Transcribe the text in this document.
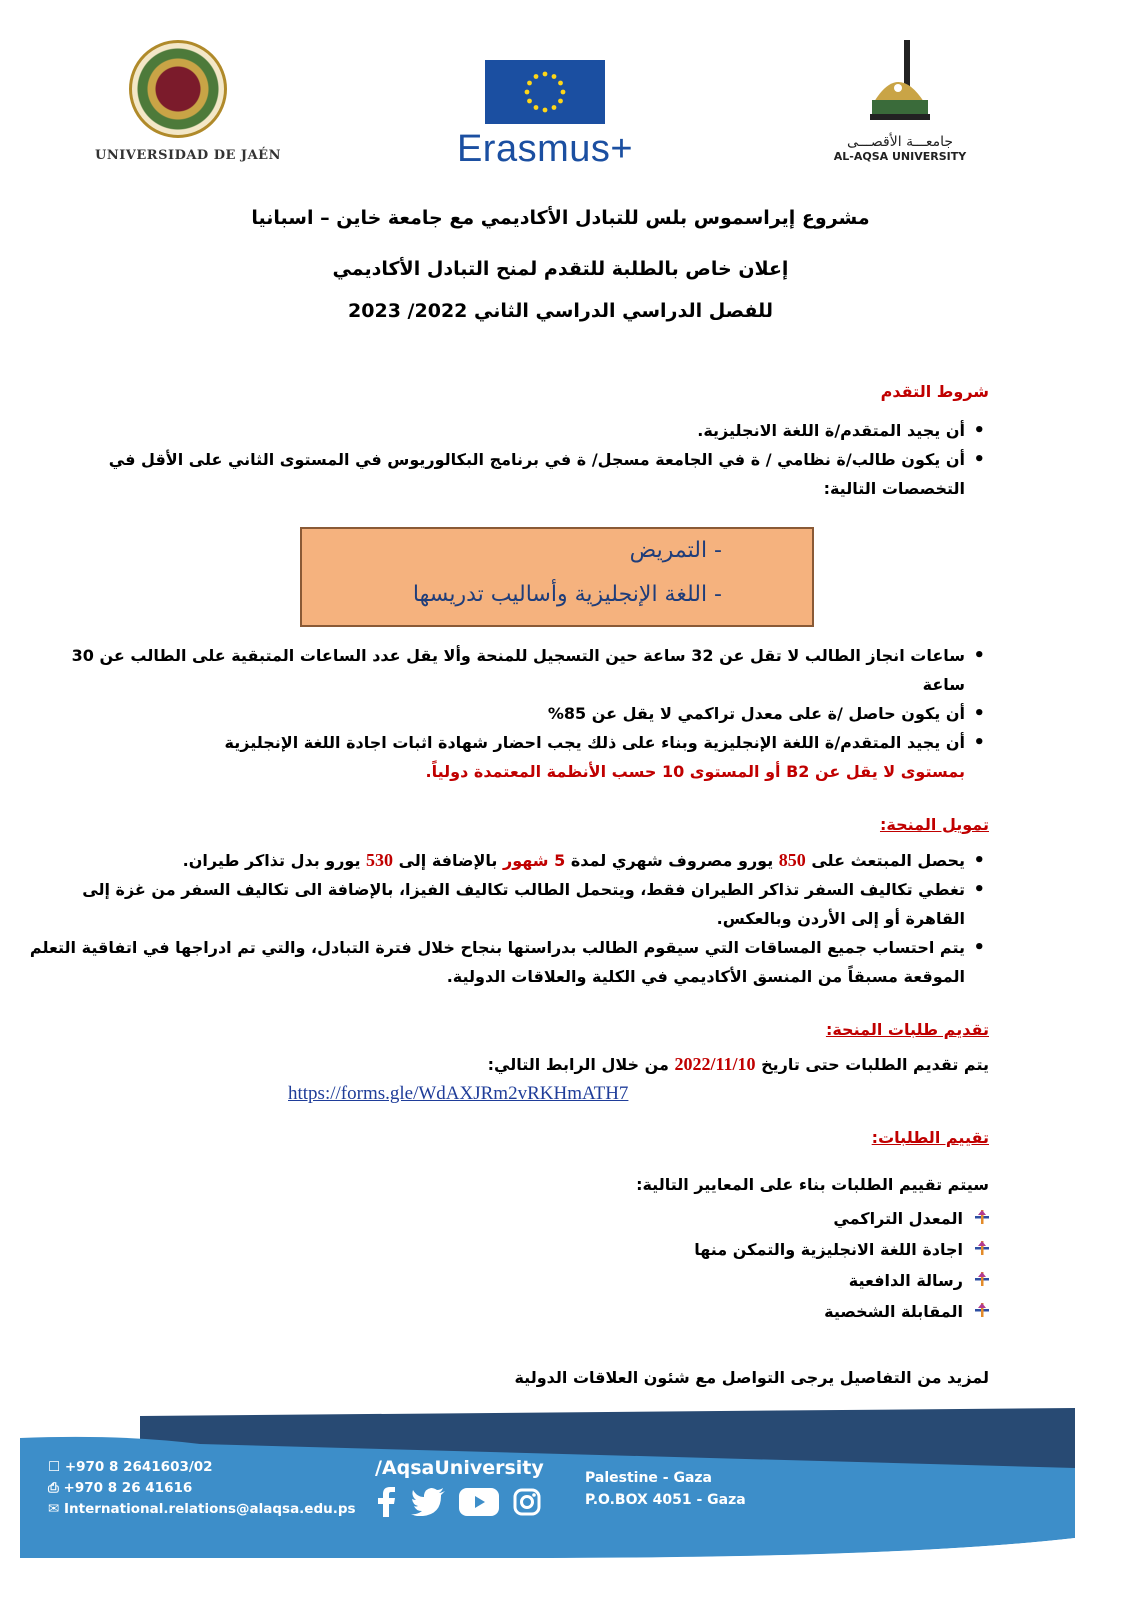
UNIVERSIDAD DE JAÉN	Erasmus+	جامعـــة الأقصـــى
AL-AQSA UNIVERSITY
مشروع إيراسموس بلس للتبادل الأكاديمي مع جامعة خاين – اسبانيا
إعلان خاص بالطلبة للتقدم لمنح التبادل الأكاديمي
للفصل الدراسي الدراسي الثاني 2022/ 2023
شروط التقدم
• أن يجيد المتقدم/ة اللغة الانجليزية.
• أن يكون طالب/ة نظامي / ة في الجامعة مسجل/ ة في برنامج البكالوريوس في المستوى الثاني على الأقل في التخصصات التالية:
- التمريض
- اللغة الإنجليزية وأساليب تدريسها
• ساعات انجاز الطالب لا تقل عن 32 ساعة حين التسجيل للمنحة وألا يقل عدد الساعات المتبقية على الطالب عن 30 ساعة
• أن يكون حاصل /ة على معدل تراكمي لا يقل عن 85%
• أن يجيد المتقدم/ة اللغة الإنجليزية وبناء على ذلك يجب احضار شهادة اثبات اجادة اللغة الإنجليزية
بمستوى لا يقل عن B2 أو المستوى 10 حسب الأنظمة المعتمدة دولياً.
تمويل المنحة:
• يحصل المبتعث على 850 يورو مصروف شهري لمدة 5 شهور بالإضافة إلى 530 يورو بدل تذاكر طيران.
• تغطي تكاليف السفر تذاكر الطيران فقط، ويتحمل الطالب تكاليف الفيزا، بالإضافة الى تكاليف السفر من غزة إلى القاهرة أو إلى الأردن وبالعكس.
• يتم احتساب جميع المساقات التي سيقوم الطالب بدراستها بنجاح خلال فترة التبادل، والتي تم ادراجها في اتفاقية التعلم الموقعة مسبقاً من المنسق الأكاديمي في الكلية والعلاقات الدولية.
تقديم طلبات المنحة:
يتم تقديم الطلبات حتى تاريخ 2022/11/10 من خلال الرابط التالي:
https://forms.gle/WdAXJRm2vRKHmATH7
تقييم الطلبات:
سيتم تقييم الطلبات بناء على المعايير التالية:
المعدل التراكمي
اجادة اللغة الانجليزية والتمكن منها
رسالة الدافعية
المقابلة الشخصية
لمزيد من التفاصيل يرجى التواصل مع شئون العلاقات الدولية
☐ +970 8 2641603/02
⎙ +970 8 26 41616
✉ International.relations@alaqsa.edu.ps
/AqsaUniversity	Palestine - Gaza
P.O.BOX 4051 - Gaza
